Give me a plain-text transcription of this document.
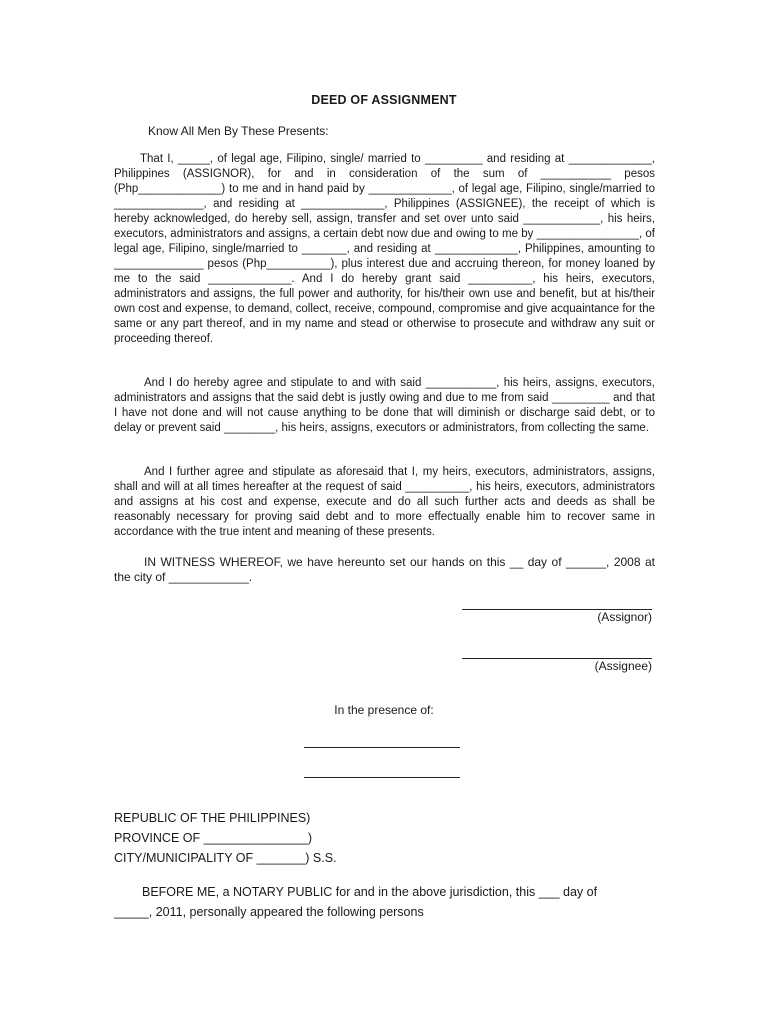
DEED OF ASSIGNMENT
Know All Men By These Presents:

That I, _____, of legal age, Filipino, single/ married to _________ and residing at _____________, Philippines (ASSIGNOR), for and in consideration of the sum of ___________ pesos (Php_____________) to me and in hand paid by _____________, of legal age, Filipino, single/married to ______________, and residing at _____________, Philippines (ASSIGNEE), the receipt of which is hereby acknowledged, do hereby sell, assign, transfer and set over unto said ____________, his heirs, executors, administrators and assigns, a certain debt now due and owing to me by ________________, of legal age, Filipino, single/married to _______, and residing at _____________, Philippines, amounting to ______________ pesos (Php__________), plus interest due and accruing thereon, for money loaned by me to the said _____________. And I do hereby grant said __________, his heirs, executors, administrators and assigns, the full power and authority, for his/their own use and benefit, but at his/their own cost and expense, to demand, collect, receive, compound, compromise and give acquaintance for the same or any part thereof, and in my name and stead or otherwise to prosecute and withdraw any suit or proceeding thereof.

And I do hereby agree and stipulate to and with said ___________, his heirs, assigns, executors, administrators and assigns that the said debt is justly owing and due to me from said _________ and that I have not done and will not cause anything to be done that will diminish or discharge said debt, or to delay or prevent said ________, his heirs, assigns, executors or administrators, from collecting the same.

And I further agree and stipulate as aforesaid that I, my heirs, executors, administrators, assigns, shall and will at all times hereafter at the request of said __________, his heirs, executors, administrators and assigns at his cost and expense, execute and do all such further acts and deeds as shall be reasonably necessary for proving said debt and to more effectually enable him to recover same in accordance with the true intent and meaning of these presents.

IN WITNESS WHEREOF, we have hereunto set our hands on this __ day of ______, 2008 at the city of ____________.

(Assignor)
(Assignee)
In the presence of:
REPUBLIC OF THE PHILIPPINES)
PROVINCE OF _______________)
CITY/MUNICIPALITY OF _______) S.S.

BEFORE ME, a NOTARY PUBLIC for and in the above jurisdiction, this ___ day of _____, 2011, personally appeared the following persons
